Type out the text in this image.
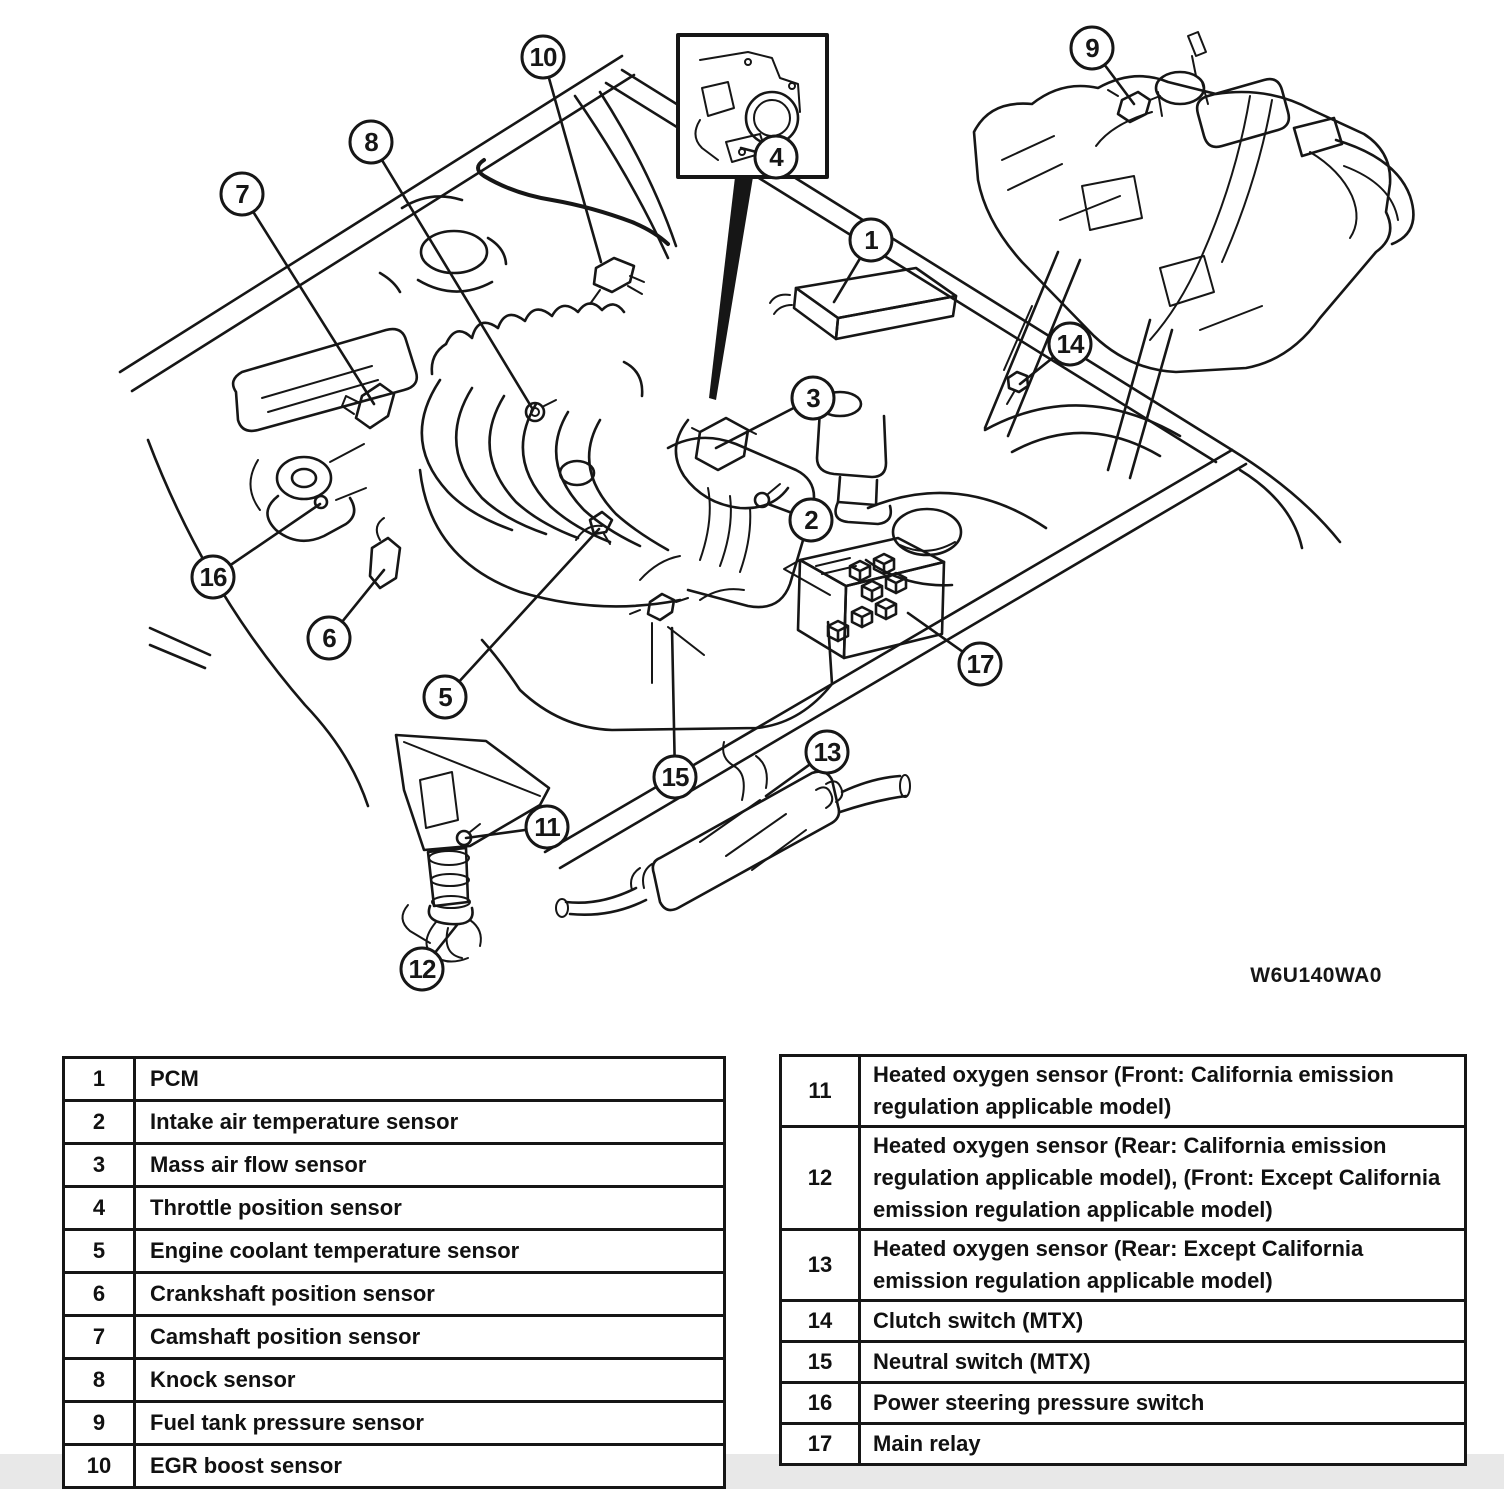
1
2
3
4
5
6
7
8
9
10
11
12
13
14
15
16
17
W6U140WA0
1	PCM
2	Intake air temperature sensor
3	Mass air flow sensor
4	Throttle position sensor
5	Engine coolant temperature sensor
6	Crankshaft position sensor
7	Camshaft position sensor
8	Knock sensor
9	Fuel tank pressure sensor
10	EGR boost sensor
11	Heated oxygen sensor (Front: California emission regulation applicable model)
12	Heated oxygen sensor (Rear: California emission regulation applicable model), (Front: Except California emission regulation applicable model)
13	Heated oxygen sensor (Rear: Except California emission regulation applicable model)
14	Clutch switch (MTX)
15	Neutral switch (MTX)
16	Power steering pressure switch
17	Main relay
